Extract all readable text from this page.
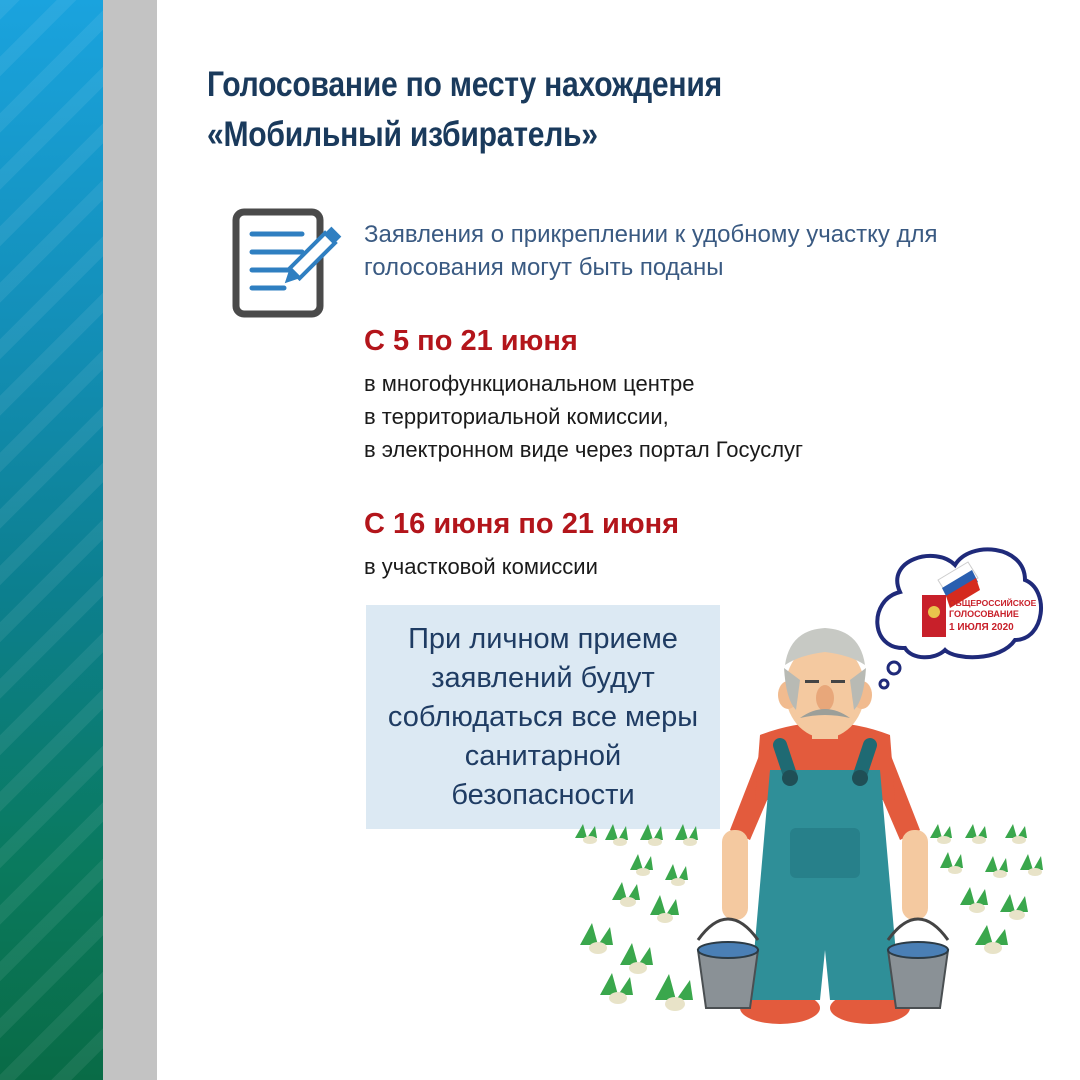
Голосование по месту нахождения
«Мобильный избиратель»
Заявления о прикреплении к удобному участку для голосования могут быть поданы
С 5 по 21 июня
в многофункциональном центре
в территориальной комиссии,
в электронном виде через портал Госуслуг
С 16 июня по 21 июня
в участковой комиссии
При личном приеме заявлений будут соблюдаться все меры санитарной безопасности
ОБЩЕРОССИЙСКОЕ
ГОЛОСОВАНИЕ
1 ИЮЛЯ 2020
